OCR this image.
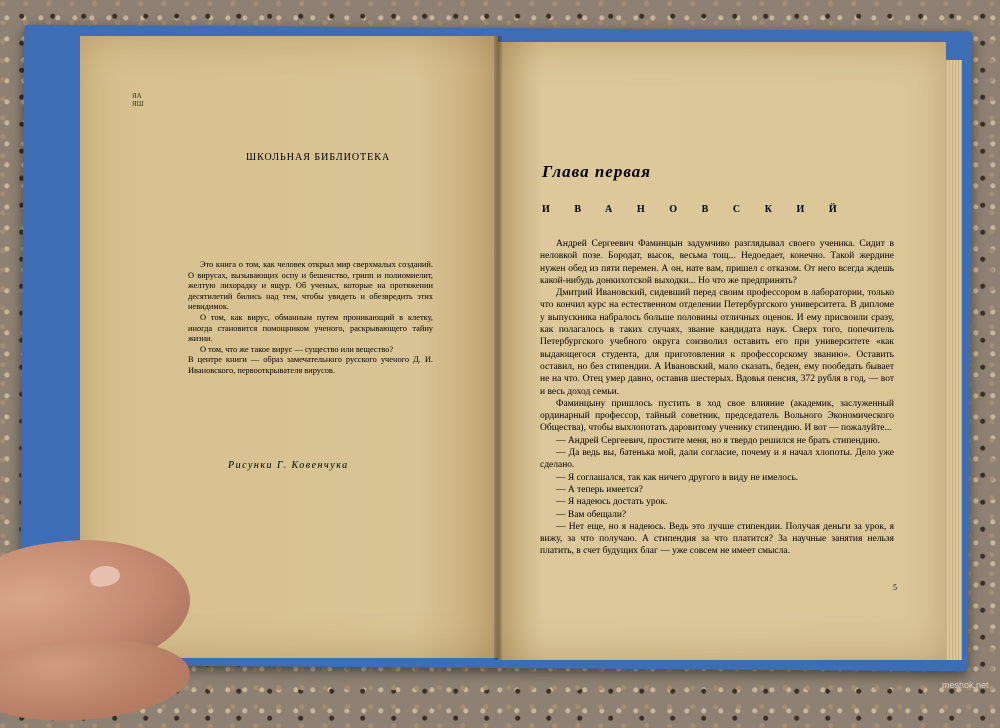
ЯА
ЯШ
ШКОЛЬНАЯ БИБЛИОТЕКА

Это книга о том, как человек открыл мир сверхмалых созданий. О вирусах, вызывающих оспу и бешенство, грипп и полиомиелит, желтую лихорадку и ящур. Об ученых, которые на протяжении десятилетий бились над тем, чтобы увидеть и обезвредить этих невидимок.

О том, как вирус, обманным путем проникающий в клетку, иногда становится помощником ученого, раскрывающего тайну жизни.

О том, что же такое вирус — существо или вещество?

В центре книги — образ замечательного русского ученого Д. И. Ивановского, первооткрывателя вирусов.

Рисунки Г. Ковенчука
Глава первая
ИВАНОВСКИЙ

Андрей Сергеевич Фаминцын задумчиво разглядывал своего ученика. Сидит в неловкой позе. Бородат, высок, весьма тощ... Недоедает, конечно. Такой жердине нужен обед из пяти перемен. А он, нате вам, пришел с отказом. От него всегда ждешь какой-нибудь донкихотской выходки... Но что же предпринять?

Дмитрий Ивановский, сидевший перед своим профессором в лаборатории, только что кончил курс на естественном отделении Петербургского университета. В дипломе у выпускника набралось больше половины отличных оценок. И ему присвоили сразу, как полагалось в таких случаях, звание кандидата наук. Сверх того, попечитель Петербургского учебного округа соизволил оставить его при университете «как выдающегося студента, для приготовления к профессорскому званию». Оставить оставил, но без стипендии. А Ивановский, мало сказать, беден, ему пообедать бывает не на что. Отец умер давно, оставив шестерых. Вдовья пенсия, 372 рубля в год, — вот и весь доход семьи.

Фаминцыну пришлось пустить в ход свое влияние (академик, заслуженный ординарный профессор, тайный советник, председатель Вольного Экономического Общества), чтобы выхлопотать даровитому ученику стипендию. И вот — пожалуйте...

— Андрей Сергеевич, простите меня, но я твердо решился не брать стипендию.

— Да ведь вы, батенька мой, дали согласие, почему и я начал хлопоты. Дело уже сделано.

— Я соглашался, так как ничего другого в виду не имелось.

— А теперь имеется?

— Я надеюсь достать урок.

— Вам обещали?

— Нет еще, но я надеюсь. Ведь это лучше стипендии. Получая деньги за урок, я вижу, за что получаю. А стипендия за что платится? За научные занятия нельзя платить, в счет будущих благ — уже совсем не имеет смысла.

5
meshok.net
